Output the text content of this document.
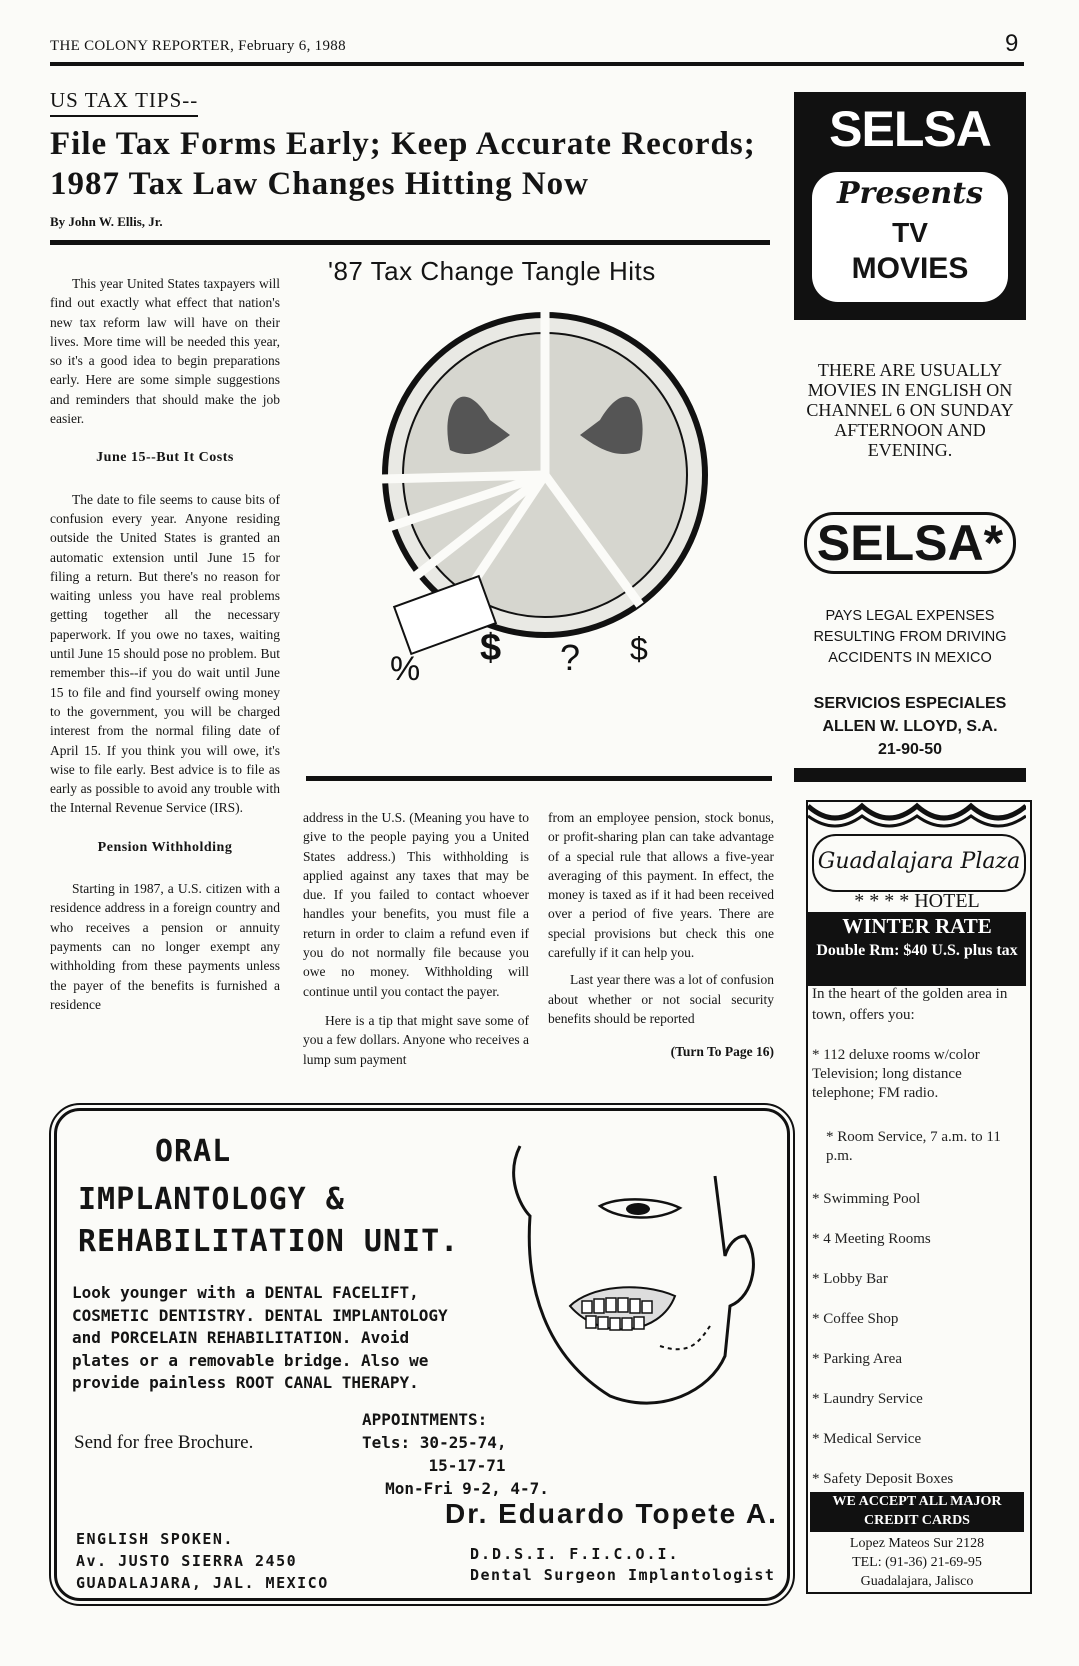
THE COLONY REPORTER, February 6, 1988	9
US TAX TIPS--
File Tax Forms Early; Keep Accurate Records; 1987 Tax Law Changes Hitting Now
By John W. Ellis, Jr.

This year United States taxpayers will find out exactly what effect that nation's new tax reform law will have on their lives. More time will be needed this year, so it's a good idea to begin preparations early. Here are some simple suggestions and reminders that should make the job easier.

June 15--But It Costs

The date to file seems to cause bits of confusion every year. Anyone residing outside the United States is granted an automatic extension until June 15 for filing a return. But there's no reason for waiting unless you have real problems getting together all the necessary paperwork. If you owe no taxes, waiting until June 15 should pose no problem. But remember this--if you do wait until June 15 to file and find yourself owing money to the government, you will be charged interest from the normal filing date of April 15. If you think you will owe, it's wise to file early. Best advice is to file as early as possible to avoid any trouble with the Internal Revenue Service (IRS).

Pension Withholding

Starting in 1987, a U.S. citizen with a residence address in a foreign country and who receives a pension or annuity payments can no longer exempt any withholding from these payments unless the payer of the benefits is furnished a residence

'87 Tax Change Tangle Hits
% $ ? $

address in the U.S. (Meaning you have to give to the people paying you a United States address.) This withholding is applied against any taxes that may be due. If you failed to contact whoever handles your benefits, you must file a return in order to claim a refund even if you do not normally file because you owe no money. Withholding will continue until you contact the payer.

Here is a tip that might save some of you a few dollars. Anyone who receives a lump sum payment

from an employee pension, stock bonus, or profit-sharing plan can take advantage of a special rule that allows a five-year averaging of this payment. In effect, the money is taxed as if it had been received over a period of five years. There are special provisions but check this one carefully if it can help you.

Last year there was a lot of confusion about whether or not social security benefits should be reported

(Turn To Page 16)

SELSA
Presents
TV
MOVIES
THERE ARE USUALLY MOVIES IN ENGLISH ON CHANNEL 6 ON SUNDAY AFTERNOON AND EVENING.
SELSA*
PAYS LEGAL EXPENSES RESULTING FROM DRIVING ACCIDENTS IN MEXICO
SERVICIOS ESPECIALES
ALLEN W. LLOYD, S.A.
21-90-50
Guadalajara Plaza
* * * * HOTEL
WINTER RATE
Double Rm: $40 U.S. plus tax
In the heart of the golden area in town, offers you:
* 112 deluxe rooms w/color Television; long distance telephone; FM radio.
* Room Service, 7 a.m. to 11 p.m.
* Swimming Pool
* 4 Meeting Rooms
* Lobby Bar
* Coffee Shop
* Parking Area
* Laundry Service
* Medical Service
* Safety Deposit Boxes
WE ACCEPT ALL MAJOR CREDIT CARDS
Lopez Mateos Sur 2128
TEL: (91-36) 21-69-95
Guadalajara, Jalisco
ORAL
IMPLANTOLOGY &
REHABILITATION UNIT.
Look younger with a DENTAL FACELIFT, COSMETIC DENTISTRY. DENTAL IMPLANTOLOGY and PORCELAIN REHABILITATION. Avoid plates or a removable bridge. Also we provide painless ROOT CANAL THERAPY.
Send for free Brochure.
APPOINTMENTS:
Tels: 30-25-74,
15-17-71
Mon-Fri 9-2, 4-7.
ENGLISH SPOKEN.
Av. JUSTO SIERRA 2450
GUADALAJARA, JAL. MEXICO
Dr. Eduardo Topete A.
D.D.S.I. F.I.C.O.I.
Dental Surgeon Implantologist
